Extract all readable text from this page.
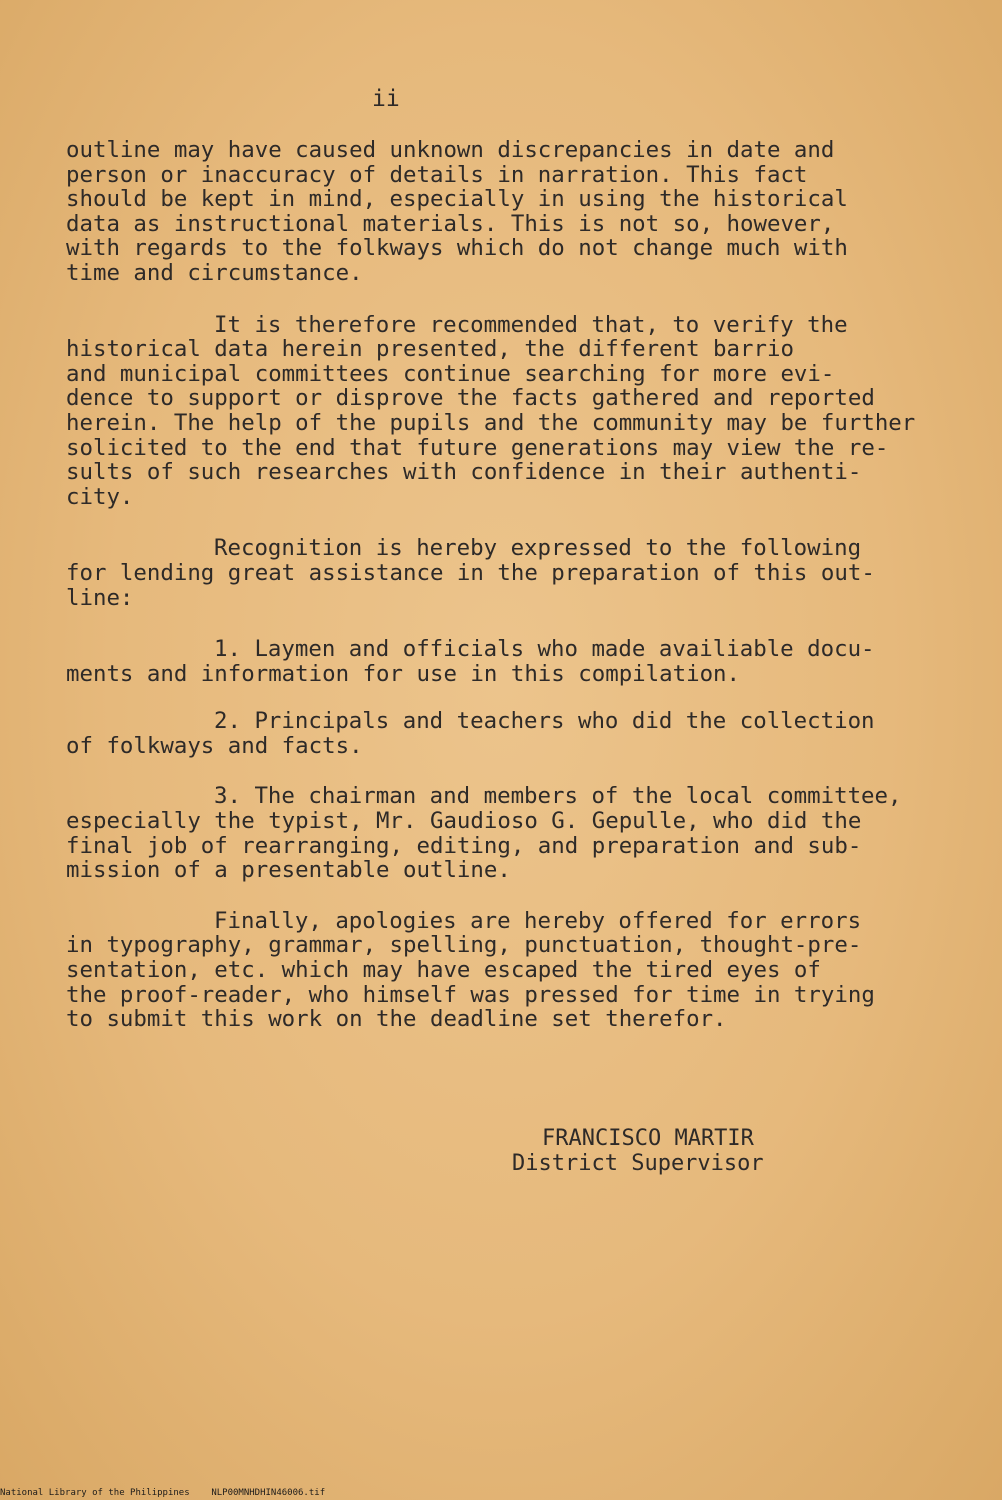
ii
outline may have caused unknown discrepancies in date and
person or inaccuracy of details in narration. This fact
should be kept in mind, especially in using the historical
data as instructional materials. This is not so, however,
with regards to the folkways which do not change much with
time and circumstance.
It is therefore recommended that, to verify the
historical data herein presented, the different barrio
and municipal committees continue searching for more evi-
dence to support or disprove the facts gathered and reported
herein. The help of the pupils and the community may be further
solicited to the end that future generations may view the re-
sults of such researches with confidence in their authenti-
city.
Recognition is hereby expressed to the following
for lending great assistance in the preparation of this out-
line:
1. Laymen and officials who made availiable docu-
ments and information for use in this compilation.
2. Principals and teachers who did the collection
of folkways and facts.
3. The chairman and members of the local committee,
especially the typist, Mr. Gaudioso G. Gepulle, who did the
final job of rearranging, editing, and preparation and sub-
mission of a presentable outline.
Finally, apologies are hereby offered for errors
in typography, grammar, spelling, punctuation, thought-pre-
sentation, etc. which may have escaped the tired eyes of
the proof-reader, who himself was pressed for time in trying
to submit this work on the deadline set therefor.
FRANCISCO MARTIR
District Supervisor
National Library of the Philippines    NLP00MNHDHIN46006.tif
